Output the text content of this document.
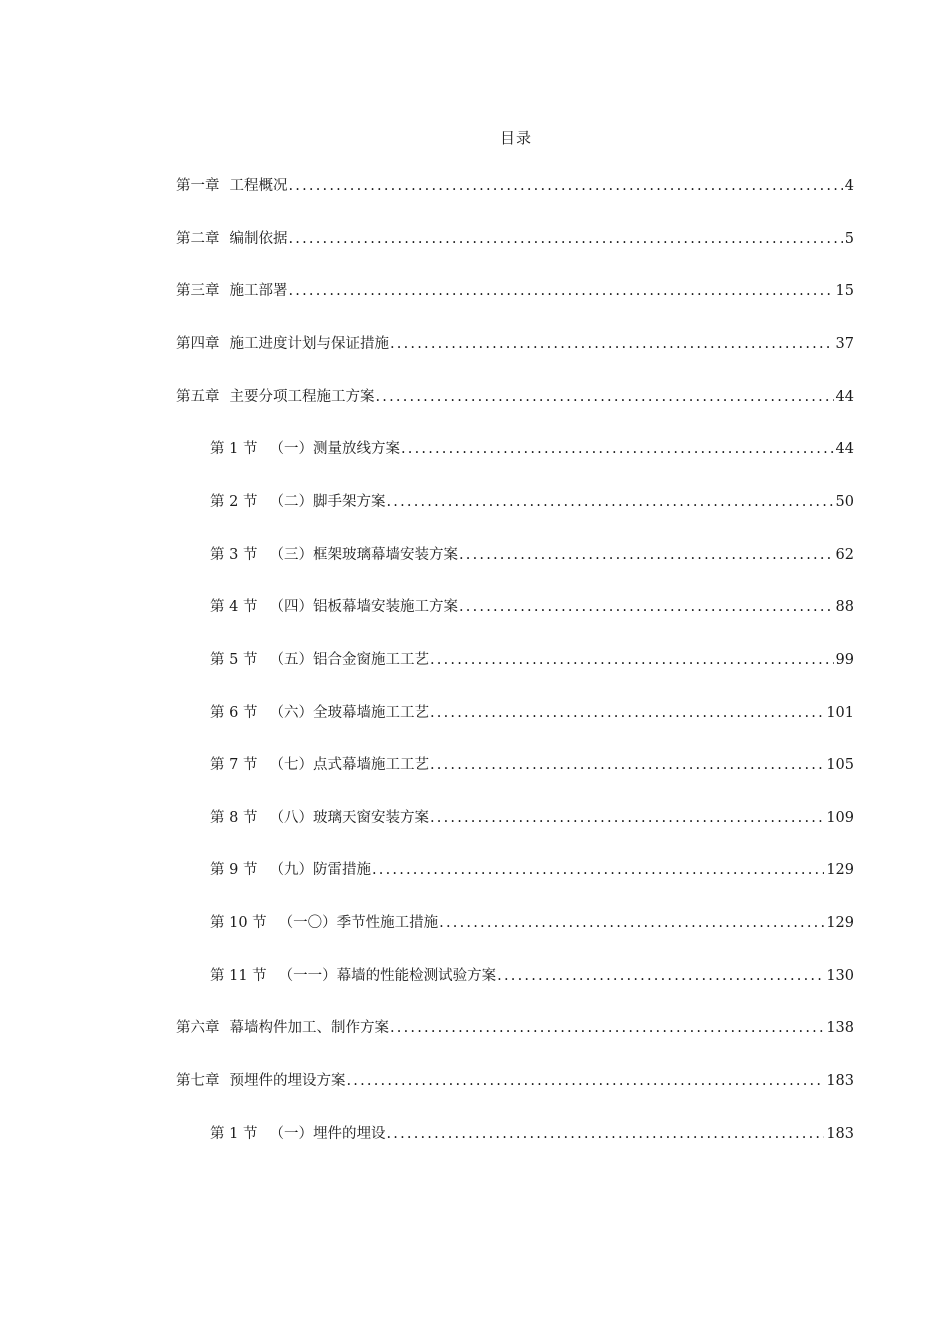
目录
第一章 工程概况 .....	4
第二章 编制依据 .....	5
第三章 施工部署 .....	15
第四章 施工进度计划与保证措施 .....	37
第五章 主要分项工程施工方案 .....	44
第 1 节 （一）测量放线方案 .....	44
第 2 节 （二）脚手架方案 .....	50
第 3 节 （三）框架玻璃幕墙安装方案 .....	62
第 4 节 （四）铝板幕墙安装施工方案 .....	88
第 5 节 （五）铝合金窗施工工艺 .....	99
第 6 节 （六）全玻幕墙施工工艺 .....	101
第 7 节 （七）点式幕墙施工工艺 .....	105
第 8 节 （八）玻璃天窗安装方案 .....	109
第 9 节 （九）防雷措施 .....	129
第 10 节 （一〇）季节性施工措施 .....	129
第 11 节 （一一）幕墙的性能检测试验方案 .....	130
第六章 幕墙构件加工、制作方案 .....	138
第七章 预埋件的埋设方案 .....	183
第 1 节 （一）埋件的埋设 .....	183
